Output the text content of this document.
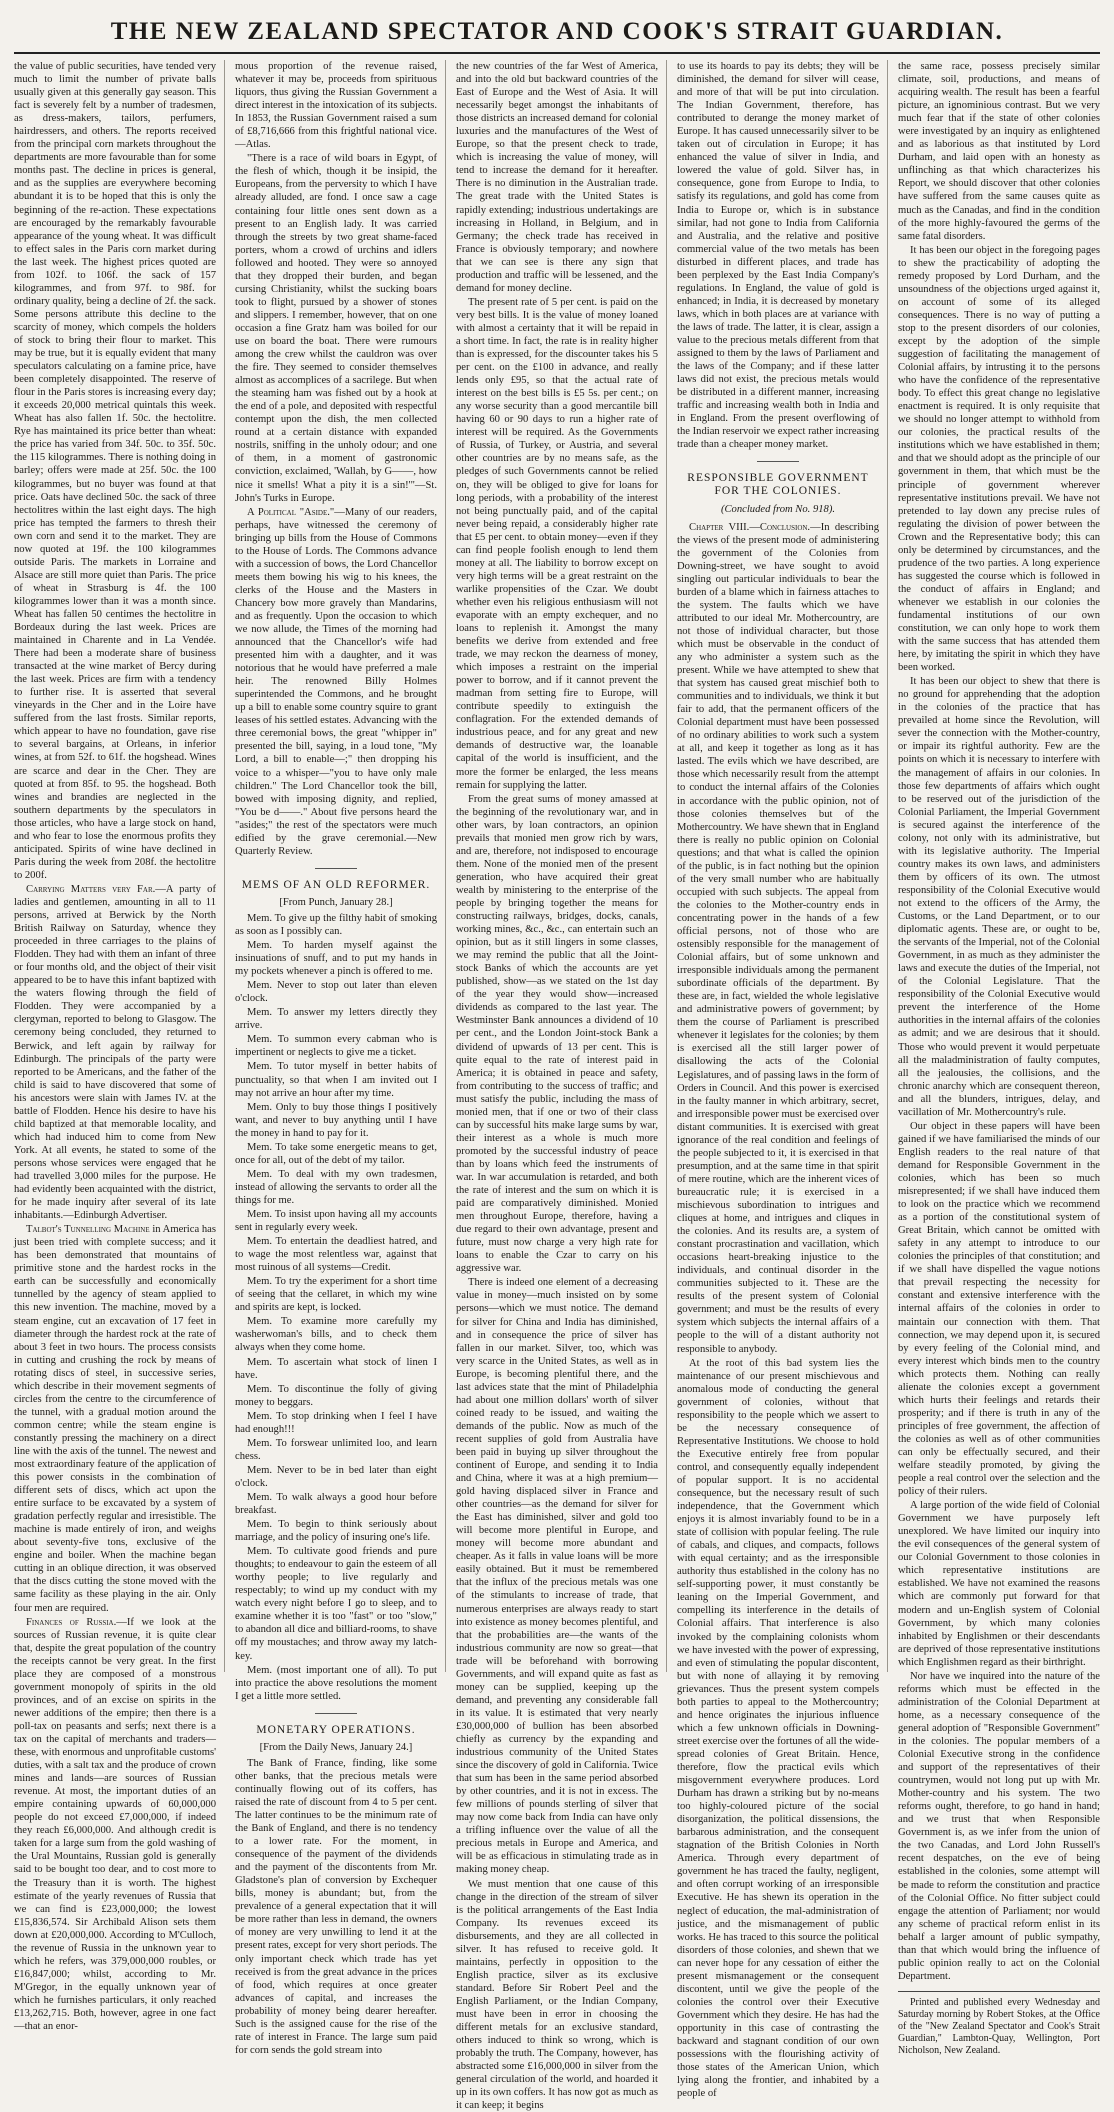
THE NEW ZEALAND SPECTATOR AND COOK'S STRAIT GUARDIAN.

the value of public securities, have tended very much to limit the number of private balls usually given at this generally gay season. This fact is severely felt by a number of tradesmen, as dress-makers, tailors, perfumers, hairdressers, and others. The reports received from the principal corn markets throughout the departments are more favourable than for some months past. The decline in prices is general, and as the supplies are everywhere becoming abundant it is to be hoped that this is only the beginning of the re-action. These expectations are encouraged by the remarkably favourable appearance of the young wheat. It was difficult to effect sales in the Paris corn market during the last week. The highest prices quoted are from 102f. to 106f. the sack of 157 kilogrammes, and from 97f. to 98f. for ordinary quality, being a decline of 2f. the sack. Some persons attribute this decline to the scarcity of money, which compels the holders of stock to bring their flour to market. This may be true, but it is equally evident that many speculators calculating on a famine price, have been completely disappointed. The reserve of flour in the Paris stores is increasing every day; it exceeds 20,000 metrical quintals this week. Wheat has also fallen 1f. 50c. the hectolitre. Rye has maintained its price better than wheat: the price has varied from 34f. 50c. to 35f. 50c. the 115 kilogrammes. There is nothing doing in barley; offers were made at 25f. 50c. the 100 kilogrammes, but no buyer was found at that price. Oats have declined 50c. the sack of three hectolitres within the last eight days. The high price has tempted the farmers to thresh their own corn and send it to the market. They are now quoted at 19f. the 100 kilogrammes outside Paris. The markets in Lorraine and Alsace are still more quiet than Paris. The price of wheat in Strasburg is 4f. the 100 kilogrammes lower than it was a month since. Wheat has fallen 50 centimes the hectolitre in Bordeaux during the last week. Prices are maintained in Charente and in La Vendée. There had been a moderate share of business transacted at the wine market of Bercy during the last week. Prices are firm with a tendency to further rise. It is asserted that several vineyards in the Cher and in the Loire have suffered from the last frosts. Similar reports, which appear to have no foundation, gave rise to several bargains, at Orleans, in inferior wines, at from 52f. to 61f. the hogshead. Wines are scarce and dear in the Cher. They are quoted at from 85f. to 95. the hogshead. Both wines and brandies are neglected in the southern departments by the speculators in those articles, who have a large stock on hand, and who fear to lose the enormous profits they anticipated. Spirits of wine have declined in Paris during the week from 208f. the hectolitre to 200f.

Carrying Matters very Far.—A party of ladies and gentlemen, amounting in all to 11 persons, arrived at Berwick by the North British Railway on Saturday, whence they proceeded in three carriages to the plains of Flodden. They had with them an infant of three or four months old, and the object of their visit appeared to be to have this infant baptized with the waters flowing through the field of Flodden. They were accompanied by a clergyman, reported to belong to Glasgow. The ceremony being concluded, they returned to Berwick, and left again by railway for Edinburgh. The principals of the party were reported to be Americans, and the father of the child is said to have discovered that some of his ancestors were slain with James IV. at the battle of Flodden. Hence his desire to have his child baptized at that memorable locality, and which had induced him to come from New York. At all events, he stated to some of the persons whose services were engaged that he had travelled 3,000 miles for the purpose. He had evidently been acquainted with the district, for he made inquiry after several of its late inhabitants.—Edinburgh Advertiser.

Talbot's Tunnelling Machine in America has just been tried with complete success; and it has been demonstrated that mountains of primitive stone and the hardest rocks in the earth can be successfully and economically tunnelled by the agency of steam applied to this new invention. The machine, moved by a steam engine, cut an excavation of 17 feet in diameter through the hardest rock at the rate of about 3 feet in two hours. The process consists in cutting and crushing the rock by means of rotating discs of steel, in successive series, which describe in their movement segments of circles from the centre to the circumference of the tunnel, with a gradual motion around the common centre; while the steam engine is constantly pressing the machinery on a direct line with the axis of the tunnel. The newest and most extraordinary feature of the application of this power consists in the combination of different sets of discs, which act upon the entire surface to be excavated by a system of gradation perfectly regular and irresistible. The machine is made entirely of iron, and weighs about seventy-five tons, exclusive of the engine and boiler. When the machine began cutting in an oblique direction, it was observed that the discs cutting the stone moved with the same facility as these playing in the air. Only four men are required.

Finances of Russia.—If we look at the sources of Russian revenue, it is quite clear that, despite the great population of the country the receipts cannot be very great. In the first place they are composed of a monstrous government monopoly of spirits in the old provinces, and of an excise on spirits in the newer additions of the empire; then there is a poll-tax on peasants and serfs; next there is a tax on the capital of merchants and traders—these, with enormous and unprofitable customs' duties, with a salt tax and the produce of crown mines and lands—are sources of Russian revenue. At most, the important duties of an empire containing upwards of 60,000,000 people do not exceed £7,000,000, if indeed they reach £6,000,000. And although credit is taken for a large sum from the gold washing of the Ural Mountains, Russian gold is generally said to be bought too dear, and to cost more to the Treasury than it is worth. The highest estimate of the yearly revenues of Russia that we can find is £23,000,000; the lowest £15,836,574. Sir Archibald Alison sets them down at £20,000,000. According to M'Culloch, the revenue of Russia in the unknown year to which he refers, was 379,000,000 roubles, or £16,847,000; whilst, according to Mr. M'Gregor, in the equally unknown year of which he furnishes particulars, it only reached £13,262,715. Both, however, agree in one fact—that an enor-

mous proportion of the revenue raised, whatever it may be, proceeds from spirituous liquors, thus giving the Russian Government a direct interest in the intoxication of its subjects. In 1853, the Russian Government raised a sum of £8,716,666 from this frightful national vice.—Atlas.

"There is a race of wild boars in Egypt, of the flesh of which, though it be insipid, the Europeans, from the perversity to which I have already alluded, are fond. I once saw a cage containing four little ones sent down as a present to an English lady. It was carried through the streets by two great shame-faced porters, whom a crowd of urchins and idlers followed and hooted. They were so annoyed that they dropped their burden, and began cursing Christianity, whilst the sucking boars took to flight, pursued by a shower of stones and slippers. I remember, however, that on one occasion a fine Gratz ham was boiled for our use on board the boat. There were rumours among the crew whilst the cauldron was over the fire. They seemed to consider themselves almost as accomplices of a sacrilege. But when the steaming ham was fished out by a hook at the end of a pole, and deposited with respectful contempt upon the dish, the men collected round at a certain distance with expanded nostrils, sniffing in the unholy odour; and one of them, in a moment of gastronomic conviction, exclaimed, 'Wallah, by G——, how nice it smells! What a pity it is a sin!'"—St. John's Turks in Europe.

A Political "Aside."—Many of our readers, perhaps, have witnessed the ceremony of bringing up bills from the House of Commons to the House of Lords. The Commons advance with a succession of bows, the Lord Chancellor meets them bowing his wig to his knees, the clerks of the House and the Masters in Chancery bow more gravely than Mandarins, and as frequently. Upon the occasion to which we now allude, the Times of the morning had announced that the Chancellor's wife had presented him with a daughter, and it was notorious that he would have preferred a male heir. The renowned Billy Holmes superintended the Commons, and he brought up a bill to enable some country squire to grant leases of his settled estates. Advancing with the three ceremonial bows, the great "whipper in" presented the bill, saying, in a loud tone, "My Lord, a bill to enable—;" then dropping his voice to a whisper—"you to have only male children." The Lord Chancellor took the bill, bowed with imposing dignity, and replied, "You be d——." About five persons heard the "asides;" the rest of the spectators were much edified by the grave ceremonial.—New Quarterly Review.

MEMS OF AN OLD REFORMER.
[From Punch, January 28.]

Mem. To give up the filthy habit of smoking as soon as I possibly can.

Mem. To harden myself against the insinuations of snuff, and to put my hands in my pockets whenever a pinch is offered to me.

Mem. Never to stop out later than eleven o'clock.

Mem. To answer my letters directly they arrive.

Mem. To summon every cabman who is impertinent or neglects to give me a ticket.

Mem. To tutor myself in better habits of punctuality, so that when I am invited out I may not arrive an hour after my time.

Mem. Only to buy those things I positively want, and never to buy anything until I have the money in hand to pay for it.

Mem. To take some energetic means to get, once for all, out of the debt of my tailor.

Mem. To deal with my own tradesmen, instead of allowing the servants to order all the things for me.

Mem. To insist upon having all my accounts sent in regularly every week.

Mem. To entertain the deadliest hatred, and to wage the most relentless war, against that most ruinous of all systems—Credit.

Mem. To try the experiment for a short time of seeing that the cellaret, in which my wine and spirits are kept, is locked.

Mem. To examine more carefully my washerwoman's bills, and to check them always when they come home.

Mem. To ascertain what stock of linen I have.

Mem. To discontinue the folly of giving money to beggars.

Mem. To stop drinking when I feel I have had enough!!!

Mem. To forswear unlimited loo, and learn chess.

Mem. Never to be in bed later than eight o'clock.

Mem. To walk always a good hour before breakfast.

Mem. To begin to think seriously about marriage, and the policy of insuring one's life.

Mem. To cultivate good friends and pure thoughts; to endeavour to gain the esteem of all worthy people; to live regularly and respectably; to wind up my conduct with my watch every night before I go to sleep, and to examine whether it is too "fast" or too "slow," to abandon all dice and billiard-rooms, to shave off my moustaches; and throw away my latch-key.

Mem. (most important one of all). To put into practice the above resolutions the moment I get a little more settled.

MONETARY OPERATIONS.
[From the Daily News, January 24.]

The Bank of France, finding, like some other banks, that the precious metals were continually flowing out of its coffers, has raised the rate of discount from 4 to 5 per cent. The latter continues to be the minimum rate of the Bank of England, and there is no tendency to a lower rate. For the moment, in consequence of the payment of the dividends and the payment of the discontents from Mr. Gladstone's plan of conversion by Exchequer bills, money is abundant; but, from the prevalence of a general expectation that it will be more rather than less in demand, the owners of money are very unwilling to lend it at the present rates, except for very short periods. The only important check which trade has yet received is from the great advance in the prices of food, which requires at once greater advances of capital, and increases the probability of money being dearer hereafter. Such is the assigned cause for the rise of the rate of interest in France. The large sum paid for corn sends the gold stream into

the new countries of the far West of America, and into the old but backward countries of the East of Europe and the West of Asia. It will necessarily beget amongst the inhabitants of those districts an increased demand for colonial luxuries and the manufactures of the West of Europe, so that the present check to trade, which is increasing the value of money, will tend to increase the demand for it hereafter. There is no diminution in the Australian trade. The great trade with the United States is rapidly extending; industrious undertakings are increasing in Holland, in Belgium, and in Germany; the check trade has received in France is obviously temporary; and nowhere that we can see is there any sign that production and traffic will be lessened, and the demand for money decline.

The present rate of 5 per cent. is paid on the very best bills. It is the value of money loaned with almost a certainty that it will be repaid in a short time. In fact, the rate is in reality higher than is expressed, for the discounter takes his 5 per cent. on the £100 in advance, and really lends only £95, so that the actual rate of interest on the best bills is £5 5s. per cent.; on any worse security than a good mercantile bill having 60 or 90 days to run a higher rate of interest will be required. As the Governments of Russia, of Turkey, or Austria, and several other countries are by no means safe, as the pledges of such Governments cannot be relied on, they will be obliged to give for loans for long periods, with a probability of the interest not being punctually paid, and of the capital never being repaid, a considerably higher rate that £5 per cent. to obtain money—even if they can find people foolish enough to lend them money at all. The liability to borrow except on very high terms will be a great restraint on the warlike propensities of the Czar. We doubt whether even his religious enthusiasm will not evaporate with an empty exchequer, and no loans to replenish it. Amongst the many benefits we derive from extended and free trade, we may reckon the dearness of money, which imposes a restraint on the imperial power to borrow, and if it cannot prevent the madman from setting fire to Europe, will contribute speedily to extinguish the conflagration. For the extended demands of industrious peace, and for any great and new demands of destructive war, the loanable capital of the world is insufficient, and the more the former be enlarged, the less means remain for supplying the latter.

From the great sums of money amassed at the beginning of the revolutionary war, and in other wars, by loan contractors, an opinion prevails that monied men grow rich by wars, and are, therefore, not indisposed to encourage them. None of the monied men of the present generation, who have acquired their great wealth by ministering to the enterprise of the people by bringing together the means for constructing railways, bridges, docks, canals, working mines, &c., &c., can entertain such an opinion, but as it still lingers in some classes, we may remind the public that all the Joint-stock Banks of which the accounts are yet published, show—as we stated on the 1st day of the year they would show—increased dividends as compared to the last year. The Westminster Bank announces a dividend of 10 per cent., and the London Joint-stock Bank a dividend of upwards of 13 per cent. This is quite equal to the rate of interest paid in America; it is obtained in peace and safety, from contributing to the success of traffic; and must satisfy the public, including the mass of monied men, that if one or two of their class can by successful hits make large sums by war, their interest as a whole is much more promoted by the successful industry of peace than by loans which feed the instruments of war. In war accumulation is retarded, and both the rate of interest and the sum on which it is paid are comparatively diminished. Monied men throughout Europe, therefore, having a due regard to their own advantage, present and future, must now charge a very high rate for loans to enable the Czar to carry on his aggressive war.

There is indeed one element of a decreasing value in money—much insisted on by some persons—which we must notice. The demand for silver for China and India has diminished, and in consequence the price of silver has fallen in our market. Silver, too, which was very scarce in the United States, as well as in Europe, is becoming plentiful there, and the last advices state that the mint of Philadelphia had about one million dollars' worth of silver coined ready to be issued, and waiting the demands of the public. Now as much of the recent supplies of gold from Australia have been paid in buying up silver throughout the continent of Europe, and sending it to India and China, where it was at a high premium—gold having displaced silver in France and other countries—as the demand for silver for the East has diminished, silver and gold too will become more plentiful in Europe, and money will become more abundant and cheaper. As it falls in value loans will be more easily obtained. But it must be remembered that the influx of the precious metals was one of the stimulants to increase of trade, that numerous enterprises are always ready to start into existence as money becomes plentiful, and that the probabilities are—the wants of the industrious community are now so great—that trade will be beforehand with borrowing Governments, and will expand quite as fast as money can be supplied, keeping up the demand, and preventing any considerable fall in its value. It is estimated that very nearly £30,000,000 of bullion has been absorbed chiefly as currency by the expanding and industrious community of the United States since the discovery of gold in California. Twice that sum has been in the same period absorbed by other countries, and it is not in excess. The few millions of pounds sterling of silver that may now come back from India can have only a trifling influence over the value of all the precious metals in Europe and America, and will be as efficacious in stimulating trade as in making money cheap.

We must mention that one cause of this change in the direction of the stream of silver is the political arrangements of the East India Company. Its revenues exceed its disbursements, and they are all collected in silver. It has refused to receive gold. It maintains, perfectly in opposition to the English practice, silver as its exclusive standard. Before Sir Robert Peel and the English Parliament, or the Indian Company, must have been in error in choosing the different metals for an exclusive standard, others induced to think so wrong, which is probably the truth. The Company, however, has abstracted some £16,000,000 in silver from the general circulation of the world, and hoarded it up in its own coffers. It has now got as much as it can keep; it begins

to use its hoards to pay its debts; they will be diminished, the demand for silver will cease, and more of that will be put into circulation. The Indian Government, therefore, has contributed to derange the money market of Europe. It has caused unnecessarily silver to be taken out of circulation in Europe; it has enhanced the value of silver in India, and lowered the value of gold. Silver has, in consequence, gone from Europe to India, to satisfy its regulations, and gold has come from India to Europe or, which is in substance similar, had not gone to India from California and Australia, and the relative and positive commercial value of the two metals has been disturbed in different places, and trade has been perplexed by the East India Company's regulations. In England, the value of gold is enhanced; in India, it is decreased by monetary laws, which in both places are at variance with the laws of trade. The latter, it is clear, assign a value to the precious metals different from that assigned to them by the laws of Parliament and the laws of the Company; and if these latter laws did not exist, the precious metals would be distributed in a different manner, increasing traffic and increasing wealth both in India and in England. From the present overflowing of the Indian reservoir we expect rather increasing trade than a cheaper money market.

RESPONSIBLE GOVERNMENT FOR THE COLONIES.
(Concluded from No. 918).

Chapter VIII.—Conclusion.—In describing the views of the present mode of administering the government of the Colonies from Downing-street, we have sought to avoid singling out particular individuals to bear the burden of a blame which in fairness attaches to the system. The faults which we have attributed to our ideal Mr. Mothercountry, are not those of individual character, but those which must be observable in the conduct of any who administer a system such as the present. While we have attempted to shew that that system has caused great mischief both to communities and to individuals, we think it but fair to add, that the permanent officers of the Colonial department must have been possessed of no ordinary abilities to work such a system at all, and keep it together as long as it has lasted. The evils which we have described, are those which necessarily result from the attempt to conduct the internal affairs of the Colonies in accordance with the public opinion, not of those colonies themselves but of the Mothercountry. We have shewn that in England there is really no public opinion on Colonial questions; and that what is called the opinion of the public, is in fact nothing but the opinion of the very small number who are habitually occupied with such subjects. The appeal from the colonies to the Mother-country ends in concentrating power in the hands of a few official persons, not of those who are ostensibly responsible for the management of Colonial affairs, but of some unknown and irresponsible individuals among the permanent subordinate officials of the department. By these are, in fact, wielded the whole legislative and administrative powers of government; by them the course of Parliament is prescribed whenever it legislates for the colonies; by them is exercised all the still larger power of disallowing the acts of the Colonial Legislatures, and of passing laws in the form of Orders in Council. And this power is exercised in the faulty manner in which arbitrary, secret, and irresponsible power must be exercised over distant communities. It is exercised with great ignorance of the real condition and feelings of the people subjected to it, it is exercised in that presumption, and at the same time in that spirit of mere routine, which are the inherent vices of bureaucratic rule; it is exercised in a mischievous subordination to intrigues and cliques at home, and intrigues and cliques in the colonies. And its results are, a system of constant procrastination and vacillation, which occasions heart-breaking injustice to the individuals, and continual disorder in the communities subjected to it. These are the results of the present system of Colonial government; and must be the results of every system which subjects the internal affairs of a people to the will of a distant authority not responsible to anybody.

At the root of this bad system lies the maintenance of our present mischievous and anomalous mode of conducting the general government of colonies, without that responsibility to the people which we assert to be the necessary consequence of Representative Institutions. We choose to hold the Executive entirely free from popular control, and consequently equally independent of popular support. It is no accidental consequence, but the necessary result of such independence, that the Government which enjoys it is almost invariably found to be in a state of collision with popular feeling. The rule of cabals, and cliques, and compacts, follows with equal certainty; and as the irresponsible authority thus established in the colony has no self-supporting power, it must constantly be leaning on the Imperial Government, and compelling its interference in the details of Colonial affairs. That interference is also invoked by the complaining colonists whom we have invested with the power of expressing, and even of stimulating the popular discontent, but with none of allaying it by removing grievances. Thus the present system compels both parties to appeal to the Mothercountry; and hence originates the injurious influence which a few unknown officials in Downing-street exercise over the fortunes of all the wide-spread colonies of Great Britain. Hence, therefore, flow the practical evils which misgovernment everywhere produces. Lord Durham has drawn a striking but by no-means too highly-coloured picture of the social disorganization, the political dissensions, the barbarous administration, and the consequent stagnation of the British Colonies in North America. Through every department of government he has traced the faulty, negligent, and often corrupt working of an irresponsible Executive. He has shewn its operation in the neglect of education, the mal-administration of justice, and the mismanagement of public works. He has traced to this source the political disorders of those colonies, and shewn that we can never hope for any cessation of either the present mismanagement or the consequent discontent, until we give the people of the colonies the control over their Executive Government which they desire. He has had the opportunity in this case of contrasting the backward and stagnant condition of our own possessions with the flourishing activity of those states of the American Union, which lying along the frontier, and inhabited by a people of

the same race, possess precisely similar climate, soil, productions, and means of acquiring wealth. The result has been a fearful picture, an ignominious contrast. But we very much fear that if the state of other colonies were investigated by an inquiry as enlightened and as laborious as that instituted by Lord Durham, and laid open with an honesty as unflinching as that which characterizes his Report, we should discover that other colonies have suffered from the same causes quite as much as the Canadas, and find in the condition of the more highly-favoured the germs of the same fatal disorders.

It has been our object in the foregoing pages to shew the practicability of adopting the remedy proposed by Lord Durham, and the unsoundness of the objections urged against it, on account of some of its alleged consequences. There is no way of putting a stop to the present disorders of our colonies, except by the adoption of the simple suggestion of facilitating the management of Colonial affairs, by intrusting it to the persons who have the confidence of the representative body. To effect this great change no legislative enactment is required. It is only requisite that we should no longer attempt to withhold from our colonies, the practical results of the institutions which we have established in them; and that we should adopt as the principle of our government in them, that which must be the principle of government wherever representative institutions prevail. We have not pretended to lay down any precise rules of regulating the division of power between the Crown and the Representative body; this can only be determined by circumstances, and the prudence of the two parties. A long experience has suggested the course which is followed in the conduct of affairs in England; and whenever we establish in our colonies the fundamental institutions of our own constitution, we can only hope to work them with the same success that has attended them here, by imitating the spirit in which they have been worked.

It has been our object to shew that there is no ground for apprehending that the adoption in the colonies of the practice that has prevailed at home since the Revolution, will sever the connection with the Mother-country, or impair its rightful authority. Few are the points on which it is necessary to interfere with the management of affairs in our colonies. In those few departments of affairs which ought to be reserved out of the jurisdiction of the Colonial Parliament, the Imperial Government is secured against the interference of the colony, not only with its administrative, but with its legislative authority. The Imperial country makes its own laws, and administers them by officers of its own. The utmost responsibility of the Colonial Executive would not extend to the officers of the Army, the Customs, or the Land Department, or to our diplomatic agents. These are, or ought to be, the servants of the Imperial, not of the Colonial Government, in as much as they administer the laws and execute the duties of the Imperial, not of the Colonial Legislature. That the responsibility of the Colonial Executive would prevent the interference of the Home authorities in the internal affairs of the colonies as admit; and we are desirous that it should. Those who would prevent it would perpetuate all the maladministration of faulty computes, all the jealousies, the collisions, and the chronic anarchy which are consequent thereon, and all the blunders, intrigues, delay, and vacillation of Mr. Mothercountry's rule.

Our object in these papers will have been gained if we have familiarised the minds of our English readers to the real nature of that demand for Responsible Government in the colonies, which has been so much misrepresented; if we shall have induced them to look on the practice which we recommend as a portion of the constitutional system of Great Britain, which cannot be omitted with safety in any attempt to introduce to our colonies the principles of that constitution; and if we shall have dispelled the vague notions that prevail respecting the necessity for constant and extensive interference with the internal affairs of the colonies in order to maintain our connection with them. That connection, we may depend upon it, is secured by every feeling of the Colonial mind, and every interest which binds men to the country which protects them. Nothing can really alienate the colonies except a government which hurts their feelings and retards their prosperity; and if there is truth in any of the principles of free government, the affection of the colonies as well as of other communities can only be effectually secured, and their welfare steadily promoted, by giving the people a real control over the selection and the policy of their rulers.

A large portion of the wide field of Colonial Government we have purposely left unexplored. We have limited our inquiry into the evil consequences of the general system of our Colonial Government to those colonies in which representative institutions are established. We have not examined the reasons which are commonly put forward for that modern and un-English system of Colonial Government, by which many colonies inhabited by Englishmen or their descendants are deprived of those representative institutions which Englishmen regard as their birthright.

Nor have we inquired into the nature of the reforms which must be effected in the administration of the Colonial Department at home, as a necessary consequence of the general adoption of "Responsible Government" in the colonies. The popular members of a Colonial Executive strong in the confidence and support of the representatives of their countrymen, would not long put up with Mr. Mother-country and his system. The two reforms ought, therefore, to go hand in hand; and we trust that when Responsible Government is, as we infer from the union of the two Canadas, and Lord John Russell's recent despatches, on the eve of being established in the colonies, some attempt will be made to reform the constitution and practice of the Colonial Office. No fitter subject could engage the attention of Parliament; nor would any scheme of practical reform enlist in its behalf a larger amount of public sympathy, than that which would bring the influence of public opinion really to act on the Colonial Department.

Printed and published every Wednesday and Saturday morning by Robert Stokes, at the Office of the "New Zealand Spectator and Cook's Strait Guardian," Lambton-Quay, Wellington, Port Nicholson, New Zealand.
